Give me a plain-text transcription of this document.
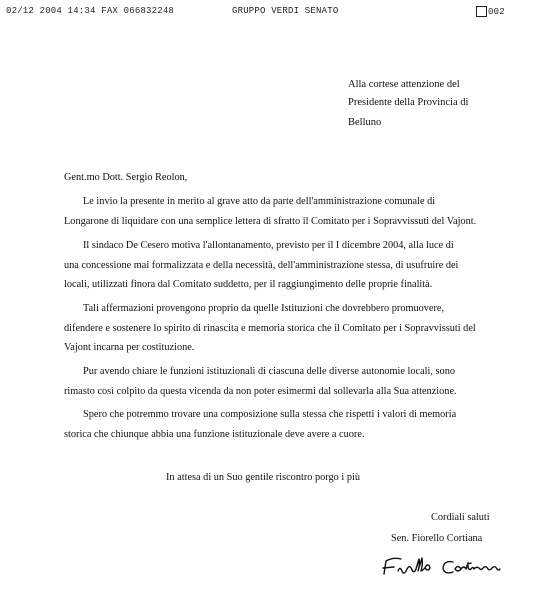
02/12 2004 14:34 FAX 066832248	GRUPPO VERDI SENATO	002
Alla cortese attenzione del
Presidente della Provincia di
Belluno
Gent.mo Dott. Sergio Reolon,
Le invio la presente in merito al grave atto da parte dell'amministrazione comunale di
Longarone di liquidare con una semplice lettera di sfratto il Comitato per i Sopravvissuti del Vajont.
Il sindaco De Cesero motiva l'allontanamento, previsto per il I dicembre 2004, alla luce di
una concessione mai formalizzata e della necessità, dell'amministrazione stessa, di usufruire dei
locali, utilizzati finora dal Comitato suddetto, per il raggiungimento delle proprie finalità.
Tali affermazioni provengono proprio da quelle Istituzioni che dovrebbero promuovere,
difendere e sostenere lo spirito di rinascita e memoria storica che il Comitato per i Sopravvissuti del
Vajont incarna per costituzione.
Pur avendo chiare le funzioni istituzionali di ciascuna delle diverse autonomie locali, sono
rimasto così colpito da questa vicenda da non poter esimermi dal sollevarla alla Sua attenzione.
Spero che potremmo trovare una composizione sulla stessa che rispetti i valori di memoria
storica che chiunque abbia una funzione istituzionale deve avere a cuore.
In attesa di un Suo gentile riscontro porgo i più
Cordiali saluti
Sen. Fiorello Cortiana
